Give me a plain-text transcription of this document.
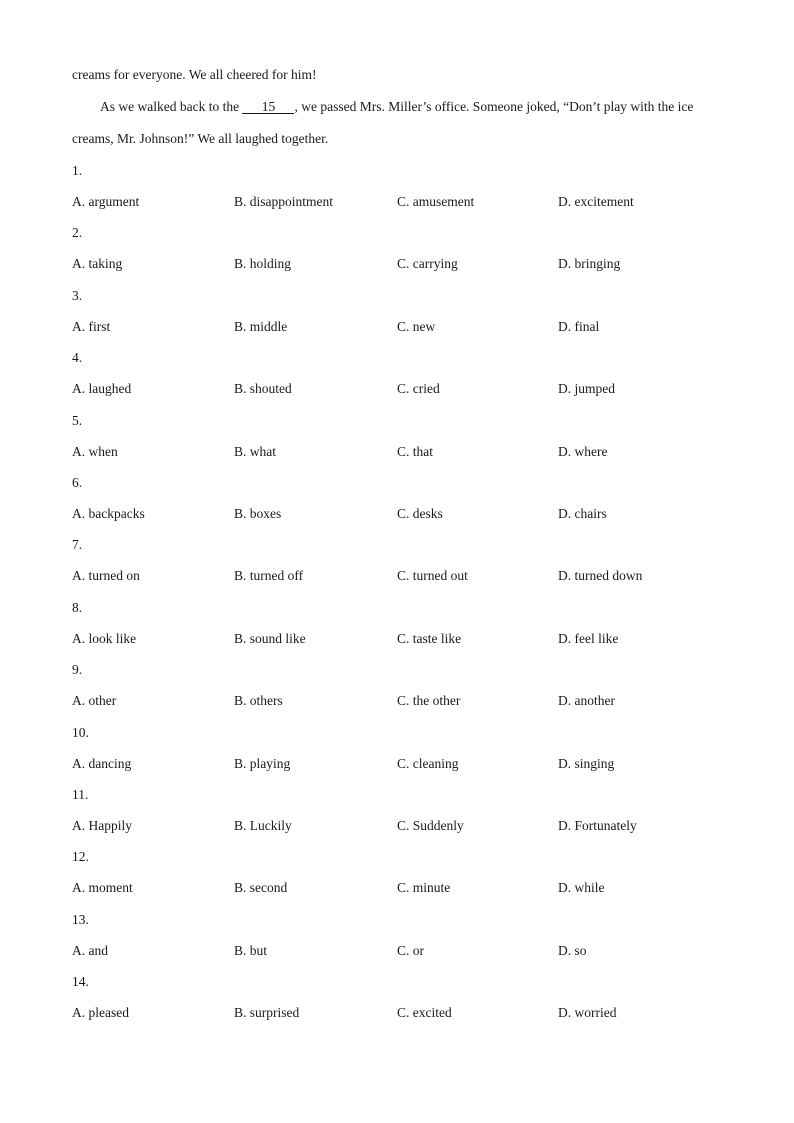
creams for everyone. We all cheered for him!
As we walked back to the 15 , we passed Mrs. Miller’s office. Someone joked, “Don’t play with the ice
creams, Mr. Johnson!” We all laughed together.
1.
A. argument	B. disappointment	C. amusement	D. excitement
2.
A. taking	B. holding	C. carrying	D. bringing
3.
A. first	B. middle	C. new	D. final
4.
A. laughed	B. shouted	C. cried	D. jumped
5.
A. when	B. what	C. that	D. where
6.
A. backpacks	B. boxes	C. desks	D. chairs
7.
A. turned on	B. turned off	C. turned out	D. turned down
8.
A. look like	B. sound like	C. taste like	D. feel like
9.
A. other	B. others	C. the other	D. another
10.
A. dancing	B. playing	C. cleaning	D. singing
11.
A. Happily	B. Luckily	C. Suddenly	D. Fortunately
12.
A. moment	B. second	C. minute	D. while
13.
A. and	B. but	C. or	D. so
14.
A. pleased	B. surprised	C. excited	D. worried
